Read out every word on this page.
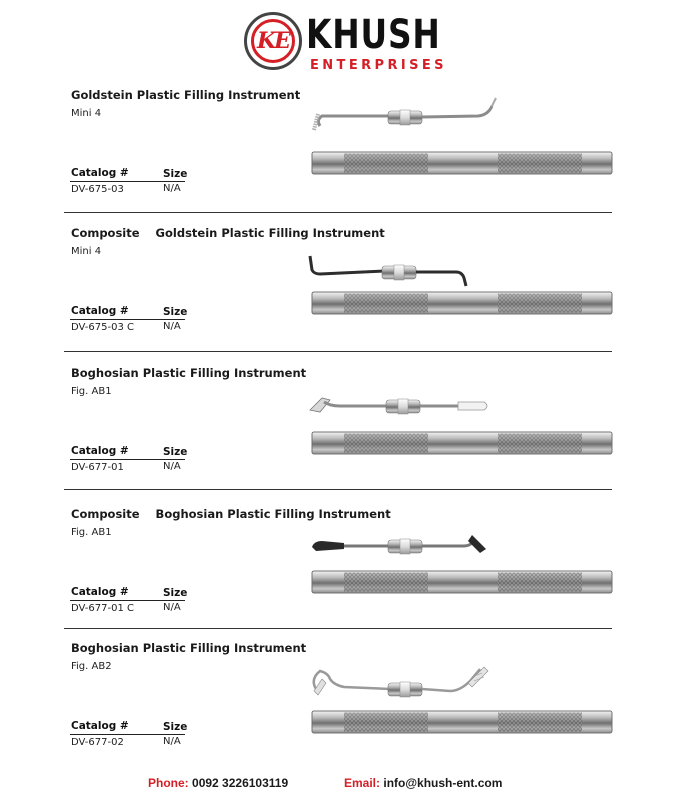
KE KHUSH
ENTERPRISES
Goldstein Plastic Filling Instrument
Mini 4
Catalog #	Size
DV-675-03	N/A
Composite    Goldstein Plastic Filling Instrument
Mini 4
Catalog #	Size
DV-675-03 C	N/A
Boghosian Plastic Filling Instrument
Fig. AB1
Catalog #	Size
DV-677-01	N/A
Composite    Boghosian Plastic Filling Instrument
Fig. AB1
Catalog #	Size
DV-677-01 C	N/A
Boghosian Plastic Filling Instrument
Fig. AB2
Catalog #	Size
DV-677-02	N/A
Phone: 0092 3226103119	Email: info@khush-ent.com
